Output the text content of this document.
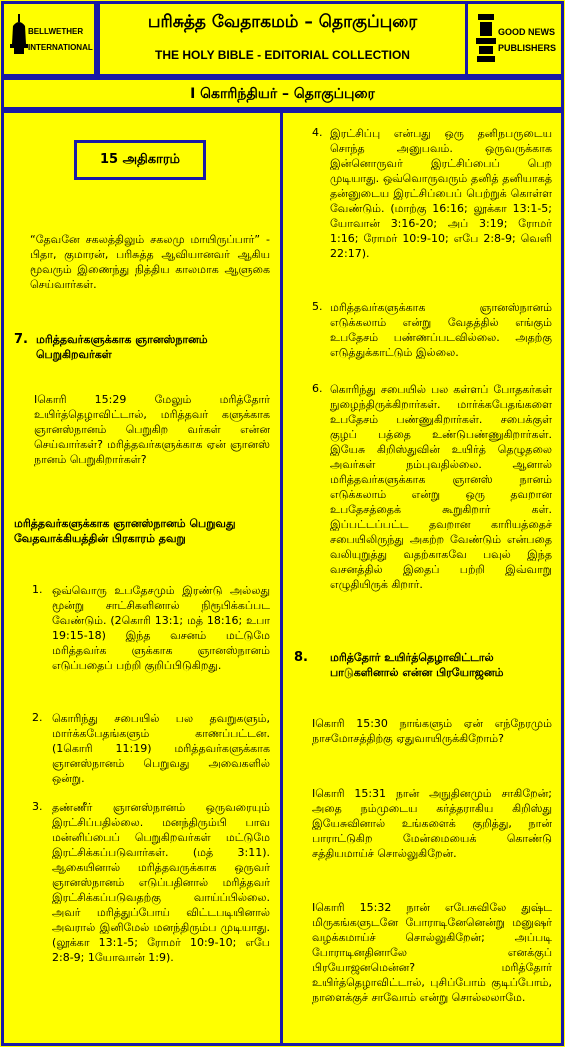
BELLWETHER
INTERNATIONAL
பரிசுத்த வேதாகமம் – தொகுப்புரை
THE HOLY BIBLE - EDITORIAL COLLECTION
GOOD NEWS
PUBLISHERS
I கொரிந்தியர் – தொகுப்புரை
15 அதிகாரம்
“தேவனே சகலத்திலும் சகலமு மாயிருப்பார்” - பிதா, குமாரன், பரிசுத்த ஆவியானவர் ஆகிய மூவரும் இணைந்து நித்திய காலமாக ஆளுகை செய்வார்கள்.
7. மரித்தவர்களுக்காக ஞானஸ்நானம் பெறுகிறவர்கள்
Iகொரி 15:29 மேலும் மரித்தோர் உயிர்த்தெழாவிட்டால், மரித்தவர் களுக்காக ஞானஸ்நானம் பெறுகிற வர்கள் என்ன செய்வார்கள்? மரித்தவர்களுக்காக ஏன் ஞானஸ் நானம் பெறுகிறார்கள்?
மரித்தவர்களுக்காக ஞானஸ்நானம் பெறுவது வேதவாக்கியத்தின் பிரகாரம் தவறு
1. ஒவ்வொரு உபதேசமும் இரண்டு அல்லது மூன்று சாட்சிகளினால் நிரூபிக்கப்பட வேண்டும். (2கொரி 13:1; மத் 18:16; உபா 19:15-18) இந்த வசனம் மட்டுமே மரித்தவர்க ளுக்காக ஞானஸ்நானம் எடுப்பதைப் பற்றி குறிப்பிடுகிறது.
2. கொரிந்து சபையில் பல தவறுகளும், மார்க்கபேதங்களும் காணப்பட்டன. (1கொரி 11:19) மரித்தவர்களுக்காக ஞானஸ்நானம் பெறுவது அவைகளில் ஒன்று.
3. தண்ணீர் ஞானஸ்நானம் ஒருவரையும் இரட்சிப்பதில்லை. மனந்திரும்பி பாவ மன்னிப்பைப் பெறுகிறவர்கள் மட்டுமே இரட்சிக்கப்படுவார்கள். (மத் 3:11). ஆகையினால் மரித்தவருக்காக ஒருவர் ஞானஸ்நானம் எடுப்பதினால் மரித்தவர் இரட்சிக்கப்படுவதற்கு வாய்ப்பில்லை. அவர் மரித்துப்போய் விட்டபடியினால் அவரால் இனிமேல் மனந்திரும்ப முடியாது. (லூக்கா 13:1-5; ரோமர் 10:9-10; எபே 2:8-9; 1யோவான் 1:9).
4. இரட்சிப்பு என்பது ஒரு தனிநபருடைய சொந்த அனுபவம். ஒருவருக்காக இன்னொருவர் இரட்சிப்பைப் பெற முடியாது. ஒவ்வொருவரும் தனித் தனியாகத் தன்னுடைய இரட்சிப்பைப் பெற்றுக் கொள்ள வேண்டும். (மாற்கு 16:16; லூக்கா 13:1-5; யோவான் 3:16-20; அப் 3:19; ரோமர் 1:16; ரோமர் 10:9-10; எபே 2:8-9; வெளி 22:17).
5. மரித்தவர்களுக்காக ஞானஸ்நானம் எடுக்கலாம் என்று வேதத்தில் எங்கும் உபதேசம் பண்ணப்படவில்லை. அதற்கு எடுத்துக்காட்டும் இல்லை.
6. கொரிந்து சபையில் பல கள்ளப் போதகர்கள் நுழைந்திருக்கிறார்கள். மார்க்கபேதங்களை உபதேசம் பண்ணுகிறார்கள். சபைக்குள் குழப் பத்தை உண்டுபண்ணுகிறார்கள். இயேசு கிறிஸ்துவின் உயிர்த் தெழுதலை அவர்கள் நம்புவதில்லை. ஆனால் மரித்தவர்களுக்காக ஞானஸ் நானம் எடுக்கலாம் என்று ஒரு தவறான உபதேசத்தைக் கூறுகிறார் கள். இப்பட்டப்பட்ட தவறான காரியத்தைச் சபையிலிருந்து அகற்ற வேண்டும் என்பதை வலியுறுத்து வதற்காகவே பவுல் இந்த வசனத்தில் இதைப் பற்றி இவ்வாறு எழுதியிருக் கிறார்.
8. மரித்தோர் உயிர்த்தெழாவிட்டால் பாடுகளினால் என்ன பிரயோஜனம்
Iகொரி 15:30 நாங்களும் ஏன் எந்நேரமும் நாசமோசத்திற்கு ஏதுவாயிருக்கிறோம்?
Iகொரி 15:31 நான் அநுதினமும் சாகிறேன்; அதை நம்முடைய கர்த்தராகிய கிறிஸ்து இயேசுவினால் உங்களைக் குறித்து, நான் பாராட்டுகிற மேன்மையைக் கொண்டு சத்தியமாய்ச் சொல்லுகிறேன்.
Iகொரி 15:32 நான் எபேசுவிலே துஷ்ட மிருகங்களுடனே போராடினேனென்று மனுஷர் வழக்கமாய்ச் சொல்லுகிறேன்; அப்படி போராடினதினாலே எனக்குப் பிரயோஜனமென்ன? மரித்தோர் உயிர்த்தெழாவிட்டால், புசிப்போம் குடிப்போம், நாளைக்குச் சாவோம் என்று சொல்லலாமே.
